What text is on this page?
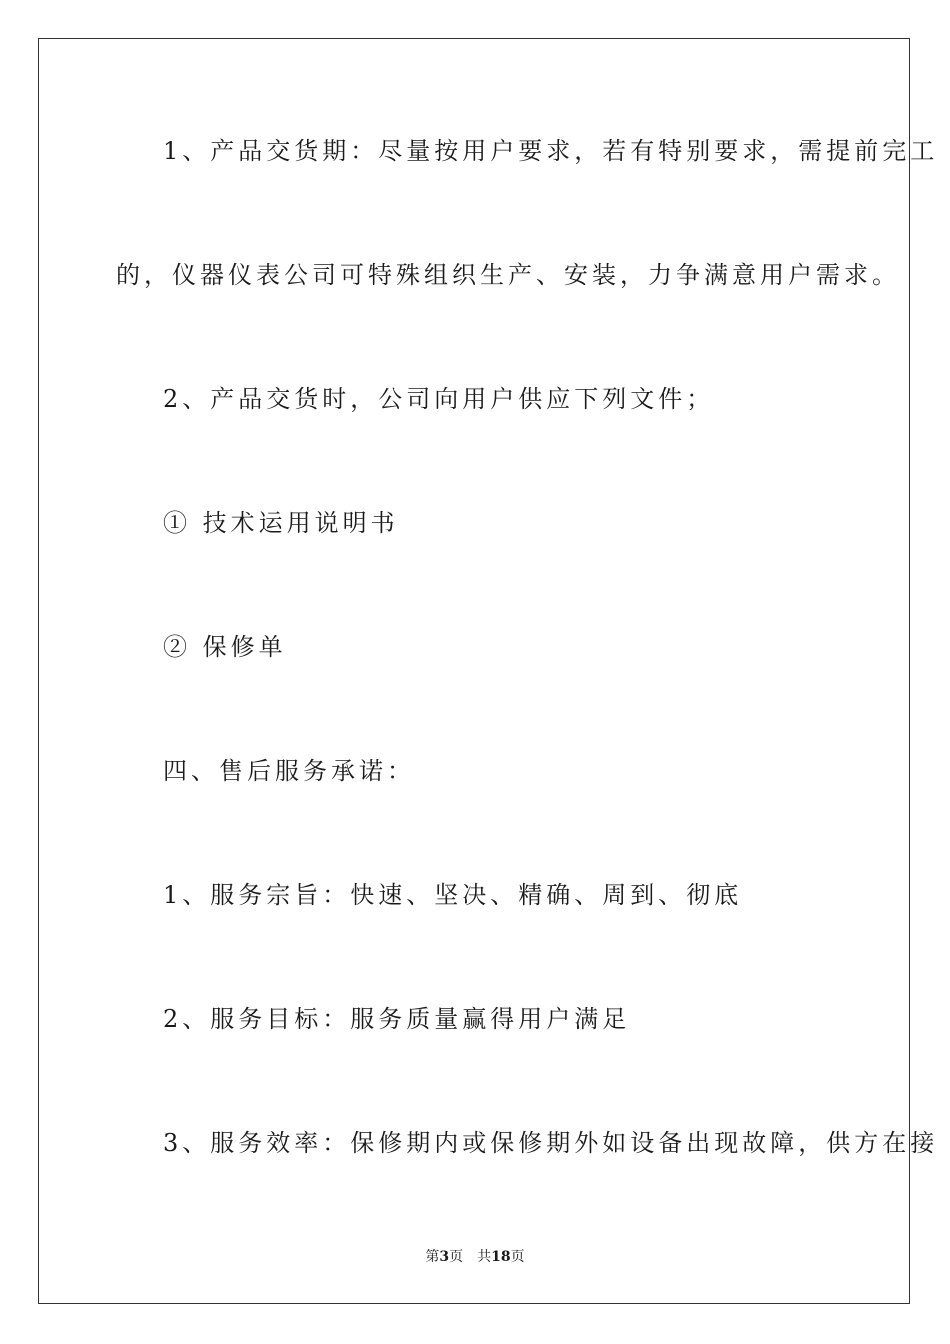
1、产品交货期：尽量按用户要求，若有特别要求，需提前完工
的，仪器仪表公司可特殊组织生产、安装，力争满意用户需求。
2、产品交货时，公司向用户供应下列文件；
① 技术运用说明书
② 保修单
四、售后服务承诺：
1、服务宗旨：快速、坚决、精确、周到、彻底
2、服务目标：服务质量赢得用户满足
3、服务效率：保修期内或保修期外如设备出现故障，供方在接
第3页 共18页
